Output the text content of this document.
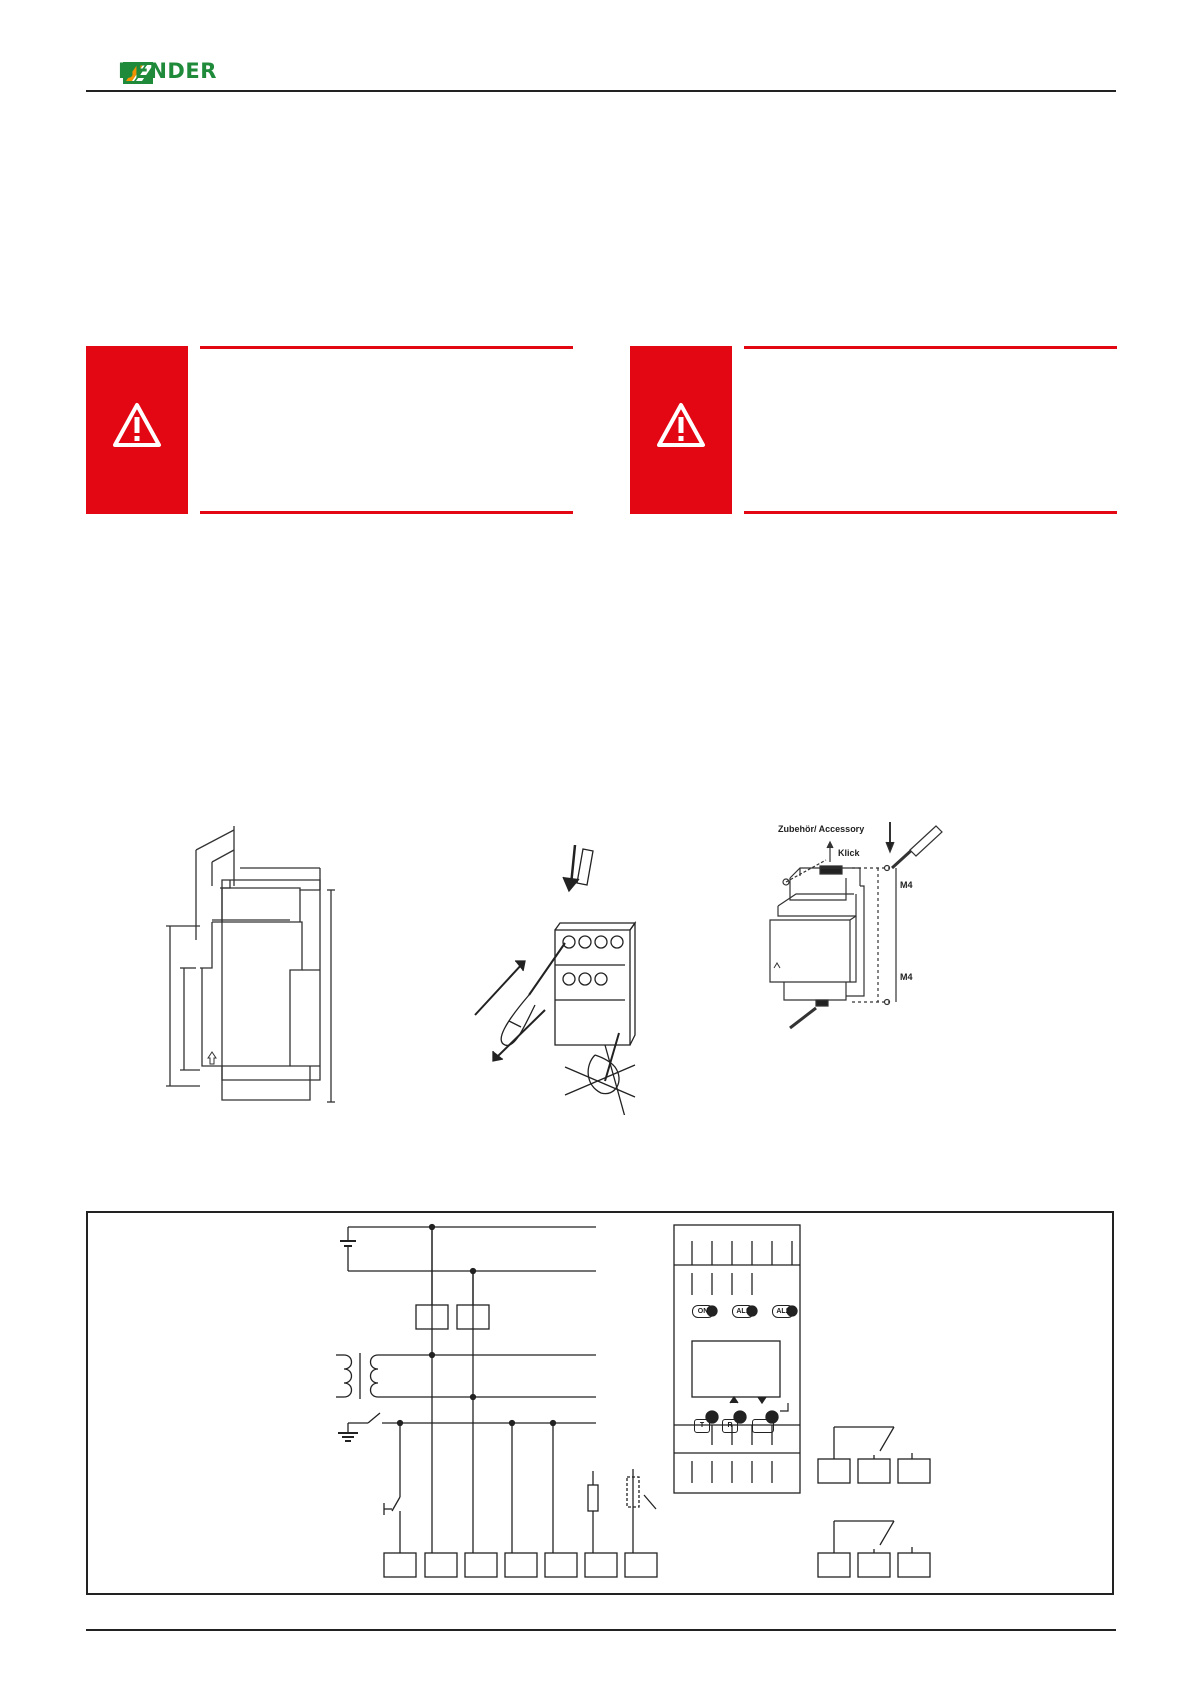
BENDER
Zubehör/ Accessory
Klick
M4
M4
ON	AL1	AL2
T	R
